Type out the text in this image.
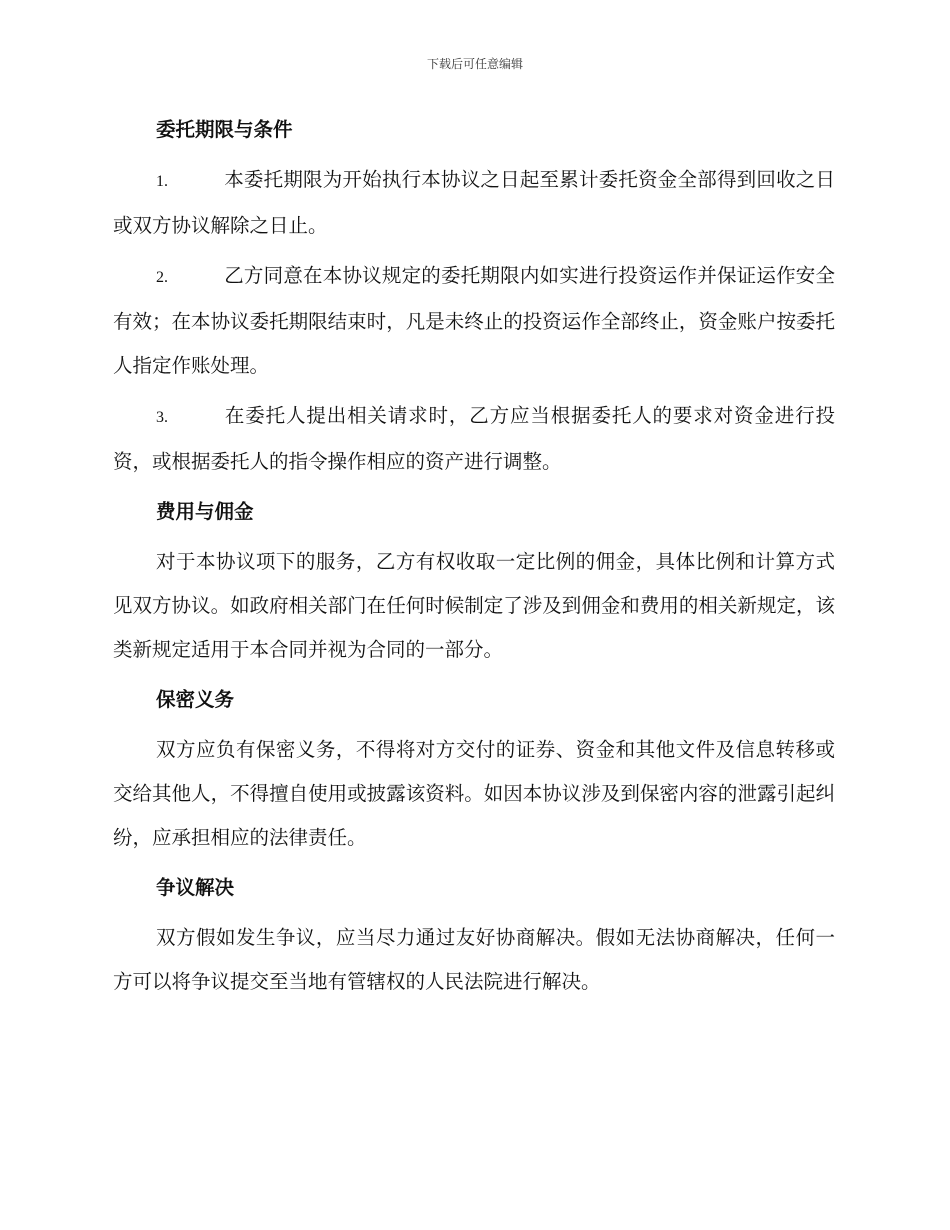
下载后可任意编辑
委托期限与条件
1.	本委托期限为开始执行本协议之日起至累计委托资金全部得到回收之日或双方协议解除之日止。
2.	乙方同意在本协议规定的委托期限内如实进行投资运作并保证运作安全有效；在本协议委托期限结束时，凡是未终止的投资运作全部终止，资金账户按委托人指定作账处理。
3.	在委托人提出相关请求时，乙方应当根据委托人的要求对资金进行投资，或根据委托人的指令操作相应的资产进行调整。
费用与佣金
对于本协议项下的服务，乙方有权收取一定比例的佣金，具体比例和计算方式见双方协议。如政府相关部门在任何时候制定了涉及到佣金和费用的相关新规定，该类新规定适用于本合同并视为合同的一部分。
保密义务
双方应负有保密义务，不得将对方交付的证券、资金和其他文件及信息转移或交给其他人，不得擅自使用或披露该资料。如因本协议涉及到保密内容的泄露引起纠纷，应承担相应的法律责任。
争议解决
双方假如发生争议，应当尽力通过友好协商解决。假如无法协商解决，任何一方可以将争议提交至当地有管辖权的人民法院进行解决。
